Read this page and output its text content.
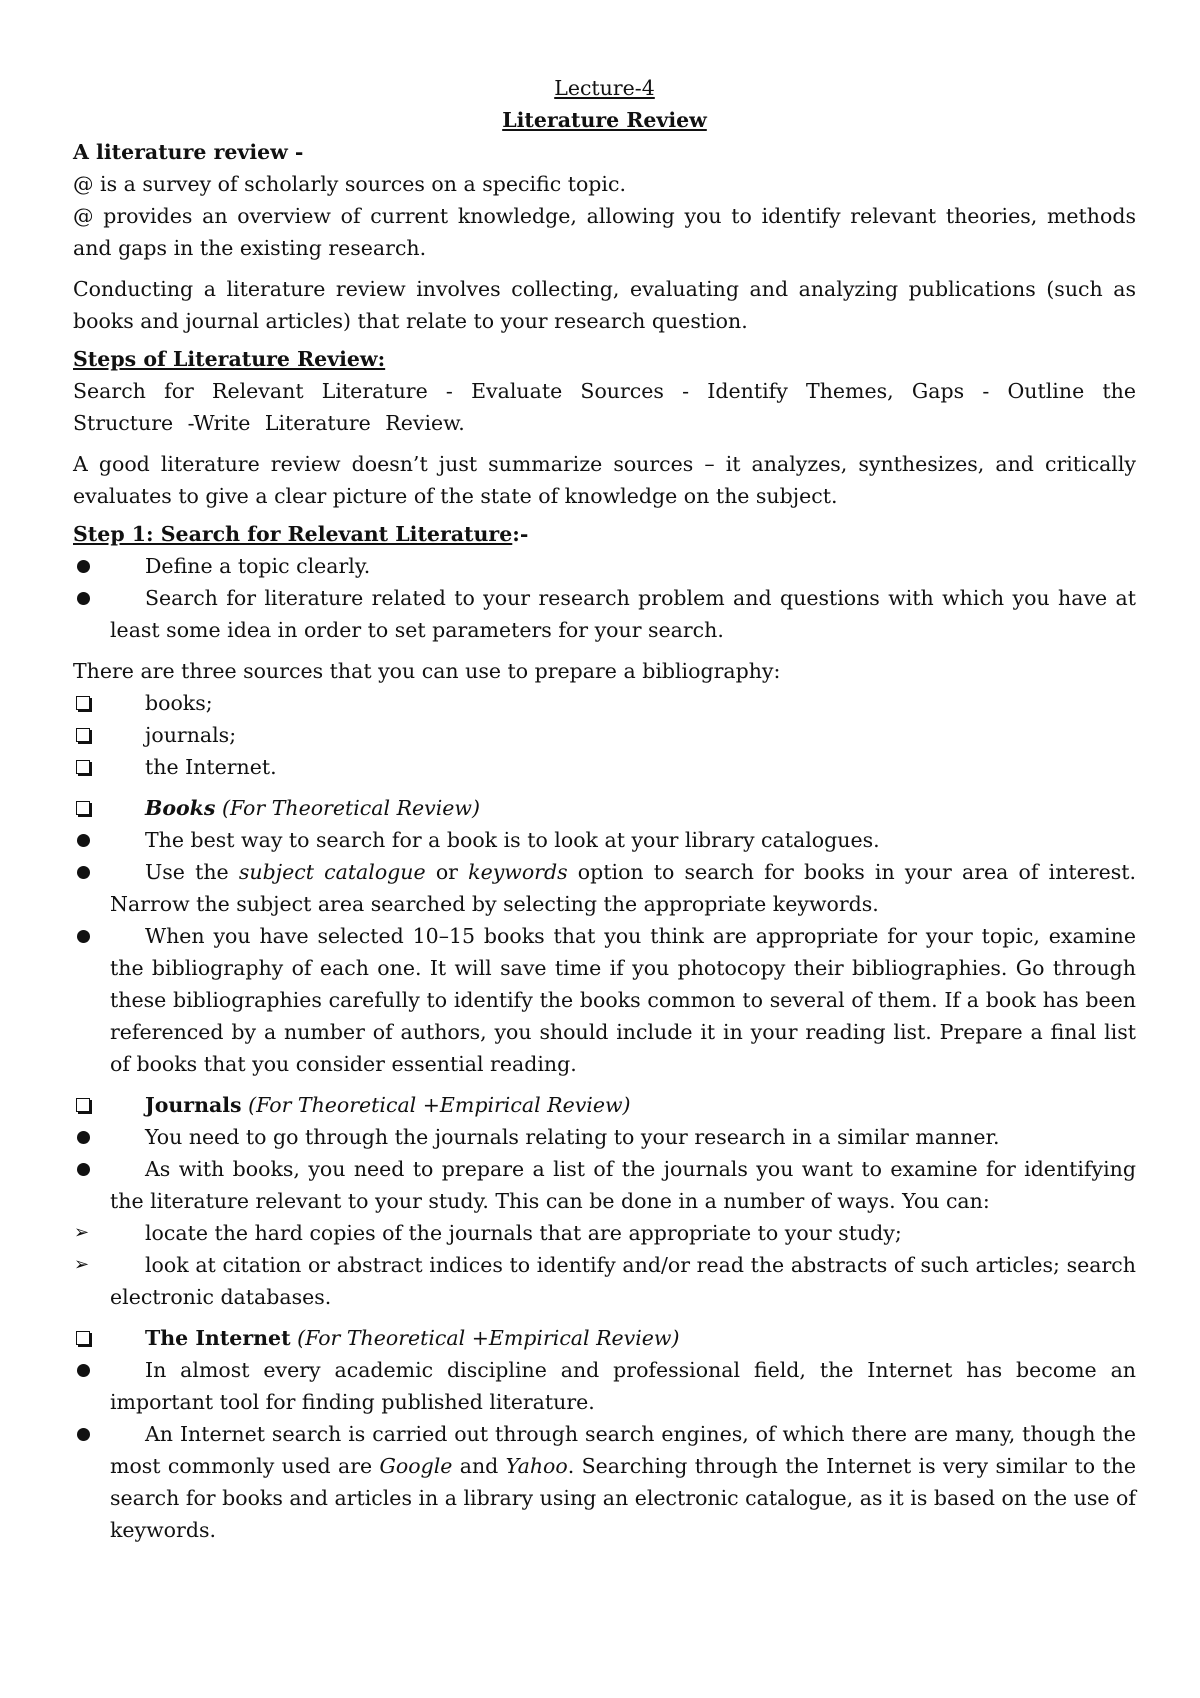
Lecture-4

Literature Review

A literature review -

@ is a survey of scholarly sources on a specific topic.

@ provides an overview of current knowledge, allowing you to identify relevant theories, methods and gaps in the existing research.

Conducting a literature review involves collecting, evaluating and analyzing publications (such as books and journal articles) that relate to your research question.

Steps of Literature Review:

Search for Relevant Literature - Evaluate Sources - Identify Themes, Gaps - Outline the Structure -Write Literature Review.

A good literature review doesn’t just summarize sources – it analyzes, synthesizes, and critically evaluates to give a clear picture of the state of knowledge on the subject.

Step 1: Search for Relevant Literature:-

Define a topic clearly.
Search for literature related to your research problem and questions with which you have at least some idea in order to set parameters for your search.

There are three sources that you can use to prepare a bibliography:

books;
journals;
the Internet.
Books (For Theoretical Review)
The best way to search for a book is to look at your library catalogues.
Use the subject catalogue or keywords option to search for books in your area of interest. Narrow the subject area searched by selecting the appropriate keywords.
When you have selected 10–15 books that you think are appropriate for your topic, examine the bibliography of each one. It will save time if you photocopy their bibliographies. Go through these bibliographies carefully to identify the books common to several of them. If a book has been referenced by a number of authors, you should include it in your reading list. Prepare a final list of books that you consider essential reading.
Journals (For Theoretical +Empirical Review)
You need to go through the journals relating to your research in a similar manner.
As with books, you need to prepare a list of the journals you want to examine for identifying the literature relevant to your study. This can be done in a number of ways. You can:
➢ locate the hard copies of the journals that are appropriate to your study;
➢ look at citation or abstract indices to identify and/or read the abstracts of such articles; search electronic databases.
The Internet (For Theoretical +Empirical Review)
In almost every academic discipline and professional field, the Internet has become an important tool for finding published literature.
An Internet search is carried out through search engines, of which there are many, though the most commonly used are Google and Yahoo. Searching through the Internet is very similar to the search for books and articles in a library using an electronic catalogue, as it is based on the use of keywords.
